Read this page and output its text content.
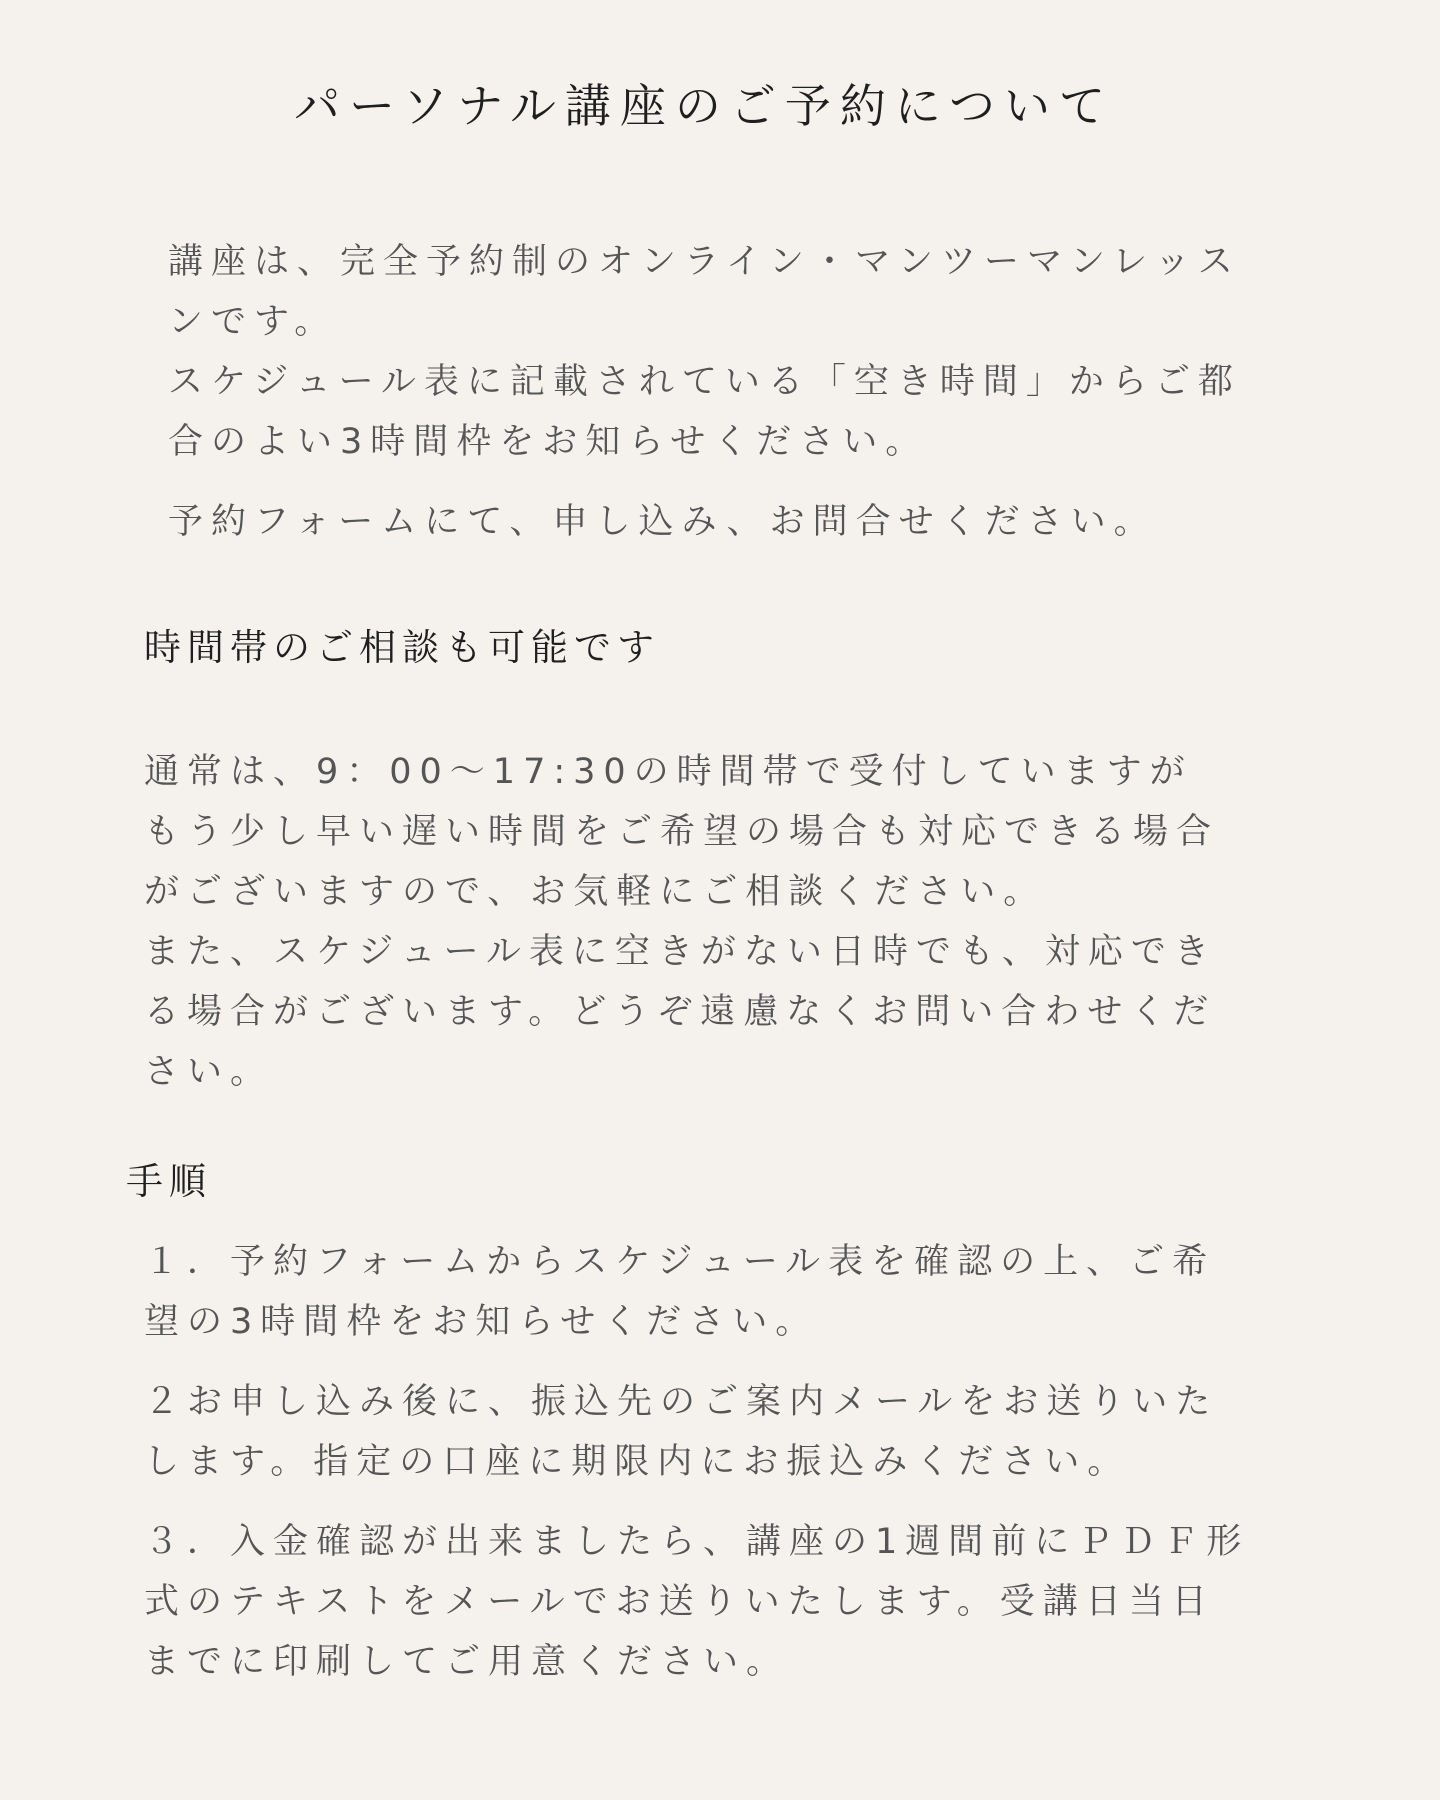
パーソナル講座のご予約について
講座は、完全予約制のオンライン・マンツーマンレッス
ンです。
スケジュール表に記載されている「空き時間」からご都
合のよい3時間枠をお知らせください。
予約フォームにて、申し込み、お問合せください。
時間帯のご相談も可能です
通常は、9：00〜17:30の時間帯で受付していますが
もう少し早い遅い時間をご希望の場合も対応できる場合
がございますので、お気軽にご相談ください。
また、スケジュール表に空きがない日時でも、対応でき
る場合がございます。どうぞ遠慮なくお問い合わせくだ
さい。
手順
１．予約フォームからスケジュール表を確認の上、ご希
望の3時間枠をお知らせください。
２お申し込み後に、振込先のご案内メールをお送りいた
します。指定の口座に期限内にお振込みください。
３．入金確認が出来ましたら、講座の1週間前にＰＤＦ形
式のテキストをメールでお送りいたします。受講日当日
までに印刷してご用意ください。
